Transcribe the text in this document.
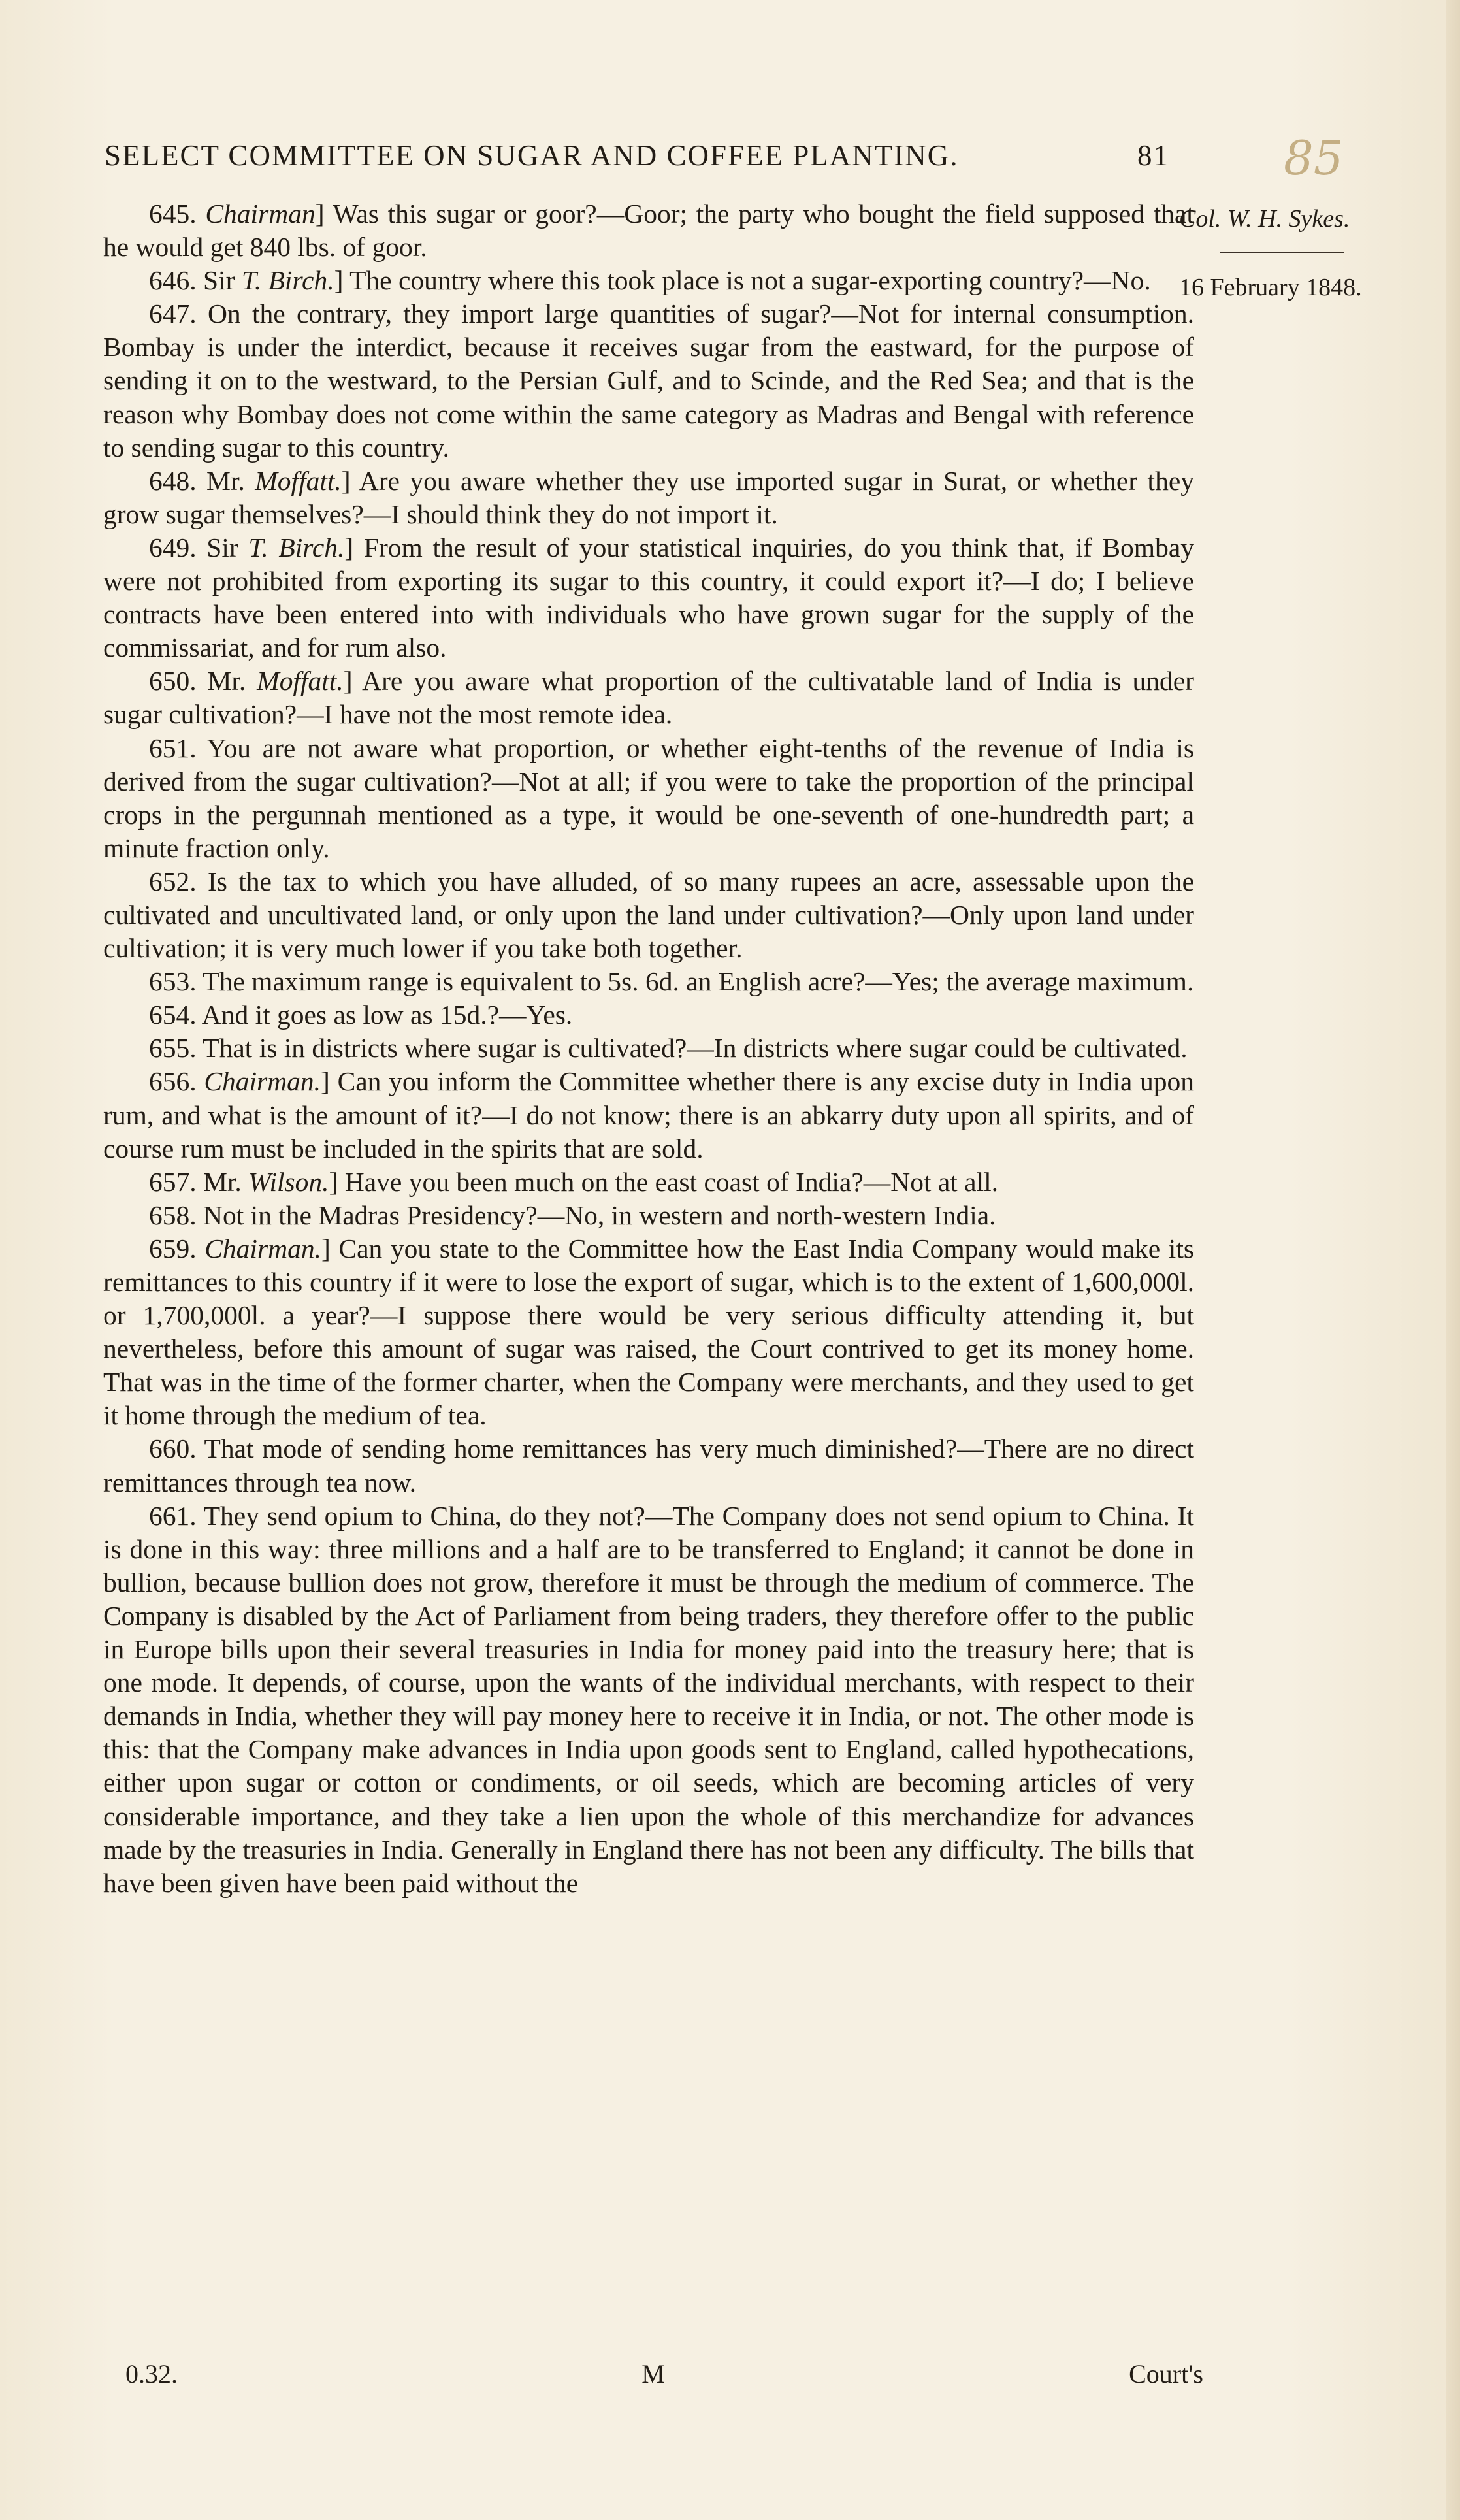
SELECT COMMITTEE ON SUGAR AND COFFEE PLANTING.	81 85
Col. W. H. Sykes.
16 February 1848.

645. Chairman] Was this sugar or goor?—Goor; the party who bought the field supposed that he would get 840 lbs. of goor.

646. Sir T. Birch.] The country where this took place is not a sugar-exporting country?—No.

647. On the contrary, they import large quantities of sugar?—Not for internal consumption. Bombay is under the interdict, because it receives sugar from the eastward, for the purpose of sending it on to the westward, to the Persian Gulf, and to Scinde, and the Red Sea; and that is the reason why Bombay does not come within the same category as Madras and Bengal with reference to sending sugar to this country.

648. Mr. Moffatt.] Are you aware whether they use imported sugar in Surat, or whether they grow sugar themselves?—I should think they do not import it.

649. Sir T. Birch.] From the result of your statistical inquiries, do you think that, if Bombay were not prohibited from exporting its sugar to this country, it could export it?—I do; I believe contracts have been entered into with individuals who have grown sugar for the supply of the commissariat, and for rum also.

650. Mr. Moffatt.] Are you aware what proportion of the cultivatable land of India is under sugar cultivation?—I have not the most remote idea.

651. You are not aware what proportion, or whether eight-tenths of the revenue of India is derived from the sugar cultivation?—Not at all; if you were to take the proportion of the principal crops in the pergunnah mentioned as a type, it would be one-seventh of one-hundredth part; a minute fraction only.

652. Is the tax to which you have alluded, of so many rupees an acre, assessable upon the cultivated and uncultivated land, or only upon the land under cultivation?—Only upon land under cultivation; it is very much lower if you take both together.

653. The maximum range is equivalent to 5s. 6d. an English acre?—Yes; the average maximum.

654. And it goes as low as 15d.?—Yes.

655. That is in districts where sugar is cultivated?—In districts where sugar could be cultivated.

656. Chairman.] Can you inform the Committee whether there is any excise duty in India upon rum, and what is the amount of it?—I do not know; there is an abkarry duty upon all spirits, and of course rum must be included in the spirits that are sold.

657. Mr. Wilson.] Have you been much on the east coast of India?—Not at all.

658. Not in the Madras Presidency?—No, in western and north-western India.

659. Chairman.] Can you state to the Committee how the East India Company would make its remittances to this country if it were to lose the export of sugar, which is to the extent of 1,600,000l. or 1,700,000l. a year?—I suppose there would be very serious difficulty attending it, but nevertheless, before this amount of sugar was raised, the Court contrived to get its money home. That was in the time of the former charter, when the Company were merchants, and they used to get it home through the medium of tea.

660. That mode of sending home remittances has very much diminished?—There are no direct remittances through tea now.

661. They send opium to China, do they not?—The Company does not send opium to China. It is done in this way: three millions and a half are to be transferred to England; it cannot be done in bullion, because bullion does not grow, therefore it must be through the medium of commerce. The Company is disabled by the Act of Parliament from being traders, they therefore offer to the public in Europe bills upon their several treasuries in India for money paid into the treasury here; that is one mode. It depends, of course, upon the wants of the individual merchants, with respect to their demands in India, whether they will pay money here to receive it in India, or not. The other mode is this: that the Company make advances in India upon goods sent to England, called hypothecations, either upon sugar or cotton or condiments, or oil seeds, which are becoming articles of very considerable importance, and they take a lien upon the whole of this merchandize for advances made by the treasuries in India. Generally in England there has not been any difficulty. The bills that have been given have been paid without the

0.32.	M	Court's
